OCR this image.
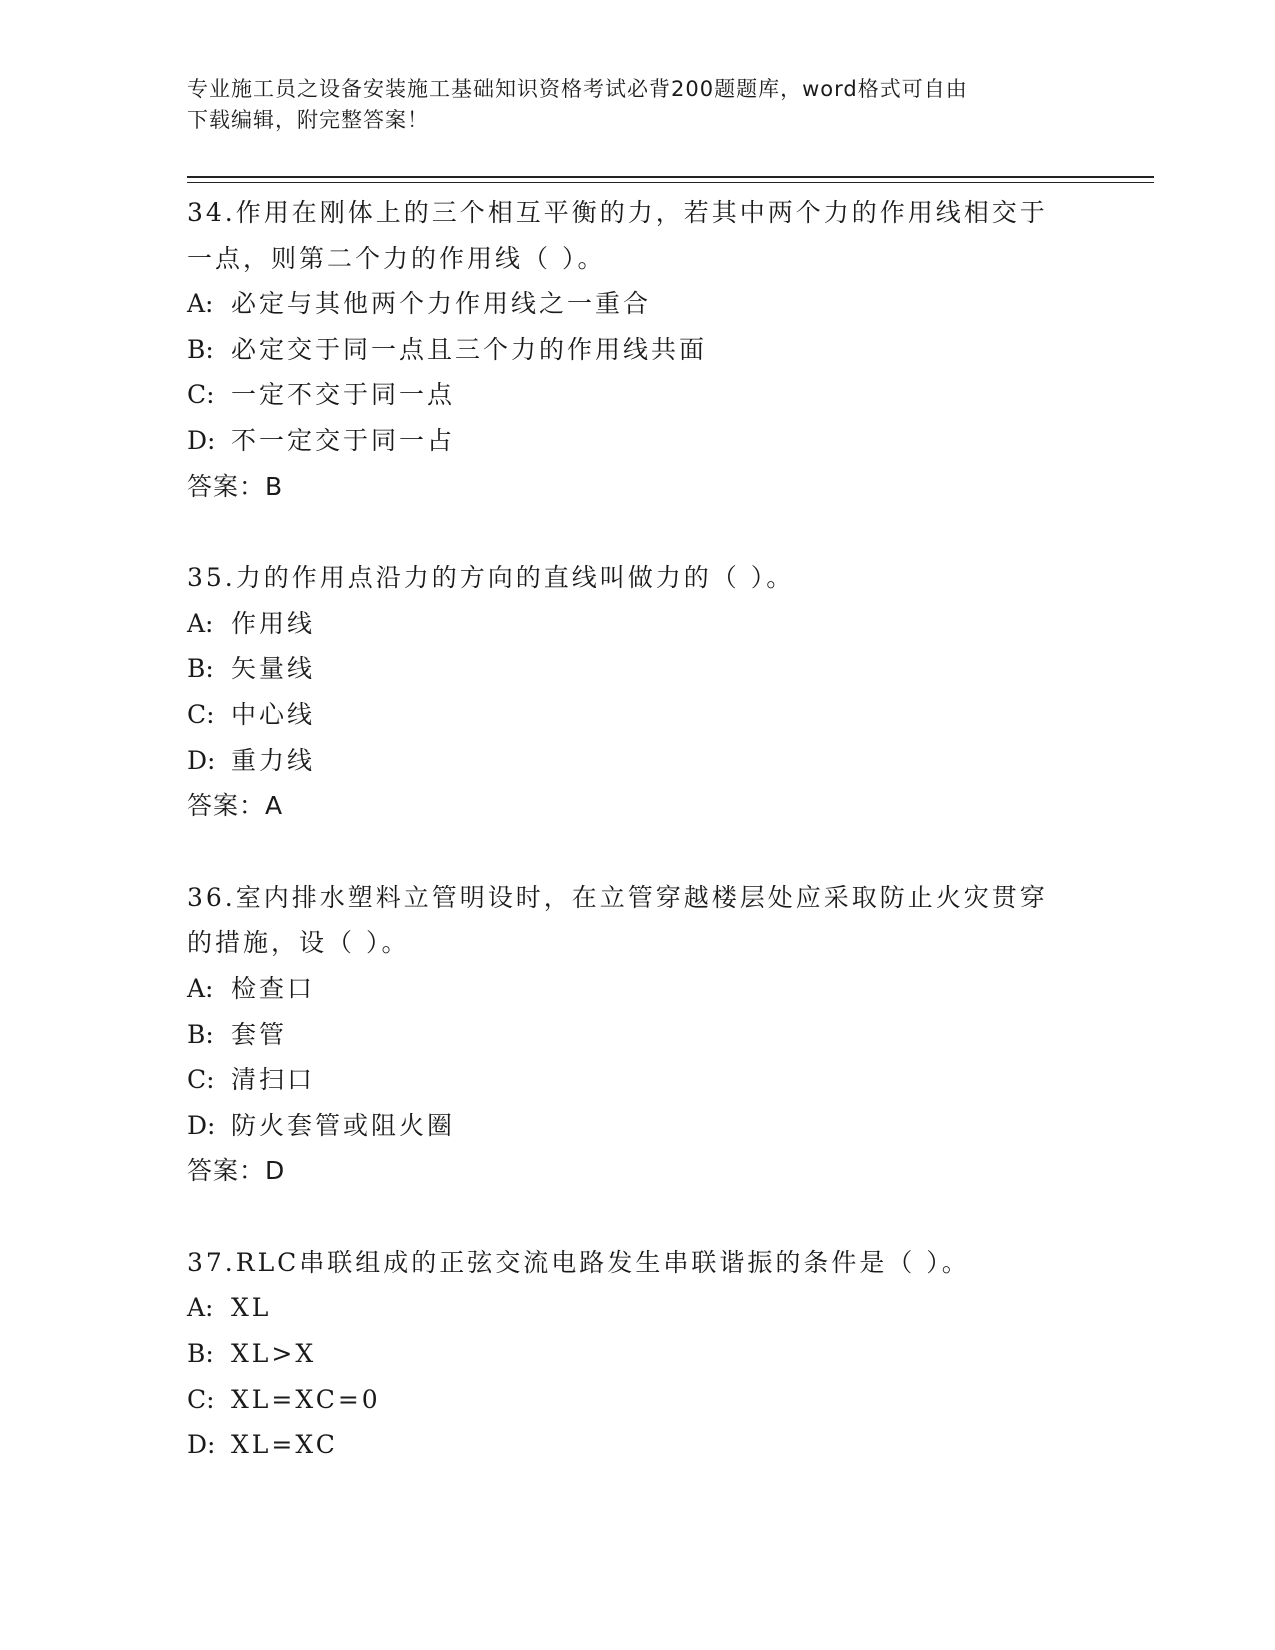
专业施工员之设备安装施工基础知识资格考试必背200题题库，word格式可自由
下载编辑，附完整答案！

34.作用在刚体上的三个相互平衡的力，若其中两个力的作用线相交于

一点，则第二个力的作用线（ ）。

A: 必定与其他两个力作用线之一重合

B: 必定交于同一点且三个力的作用线共面

C: 一定不交于同一点

D: 不一定交于同一占

答案：B

35.力的作用点沿力的方向的直线叫做力的（ ）。

A: 作用线

B: 矢量线

C: 中心线

D: 重力线

答案：A

36.室内排水塑料立管明设时，在立管穿越楼层处应采取防止火灾贯穿

的措施，设（ ）。

A: 检查口

B: 套管

C: 清扫口

D: 防火套管或阻火圈

答案：D

37.RLC串联组成的正弦交流电路发生串联谐振的条件是（ ）。

A: XL

B: XL>X

C: XL=XC=0

D: XL=XC
